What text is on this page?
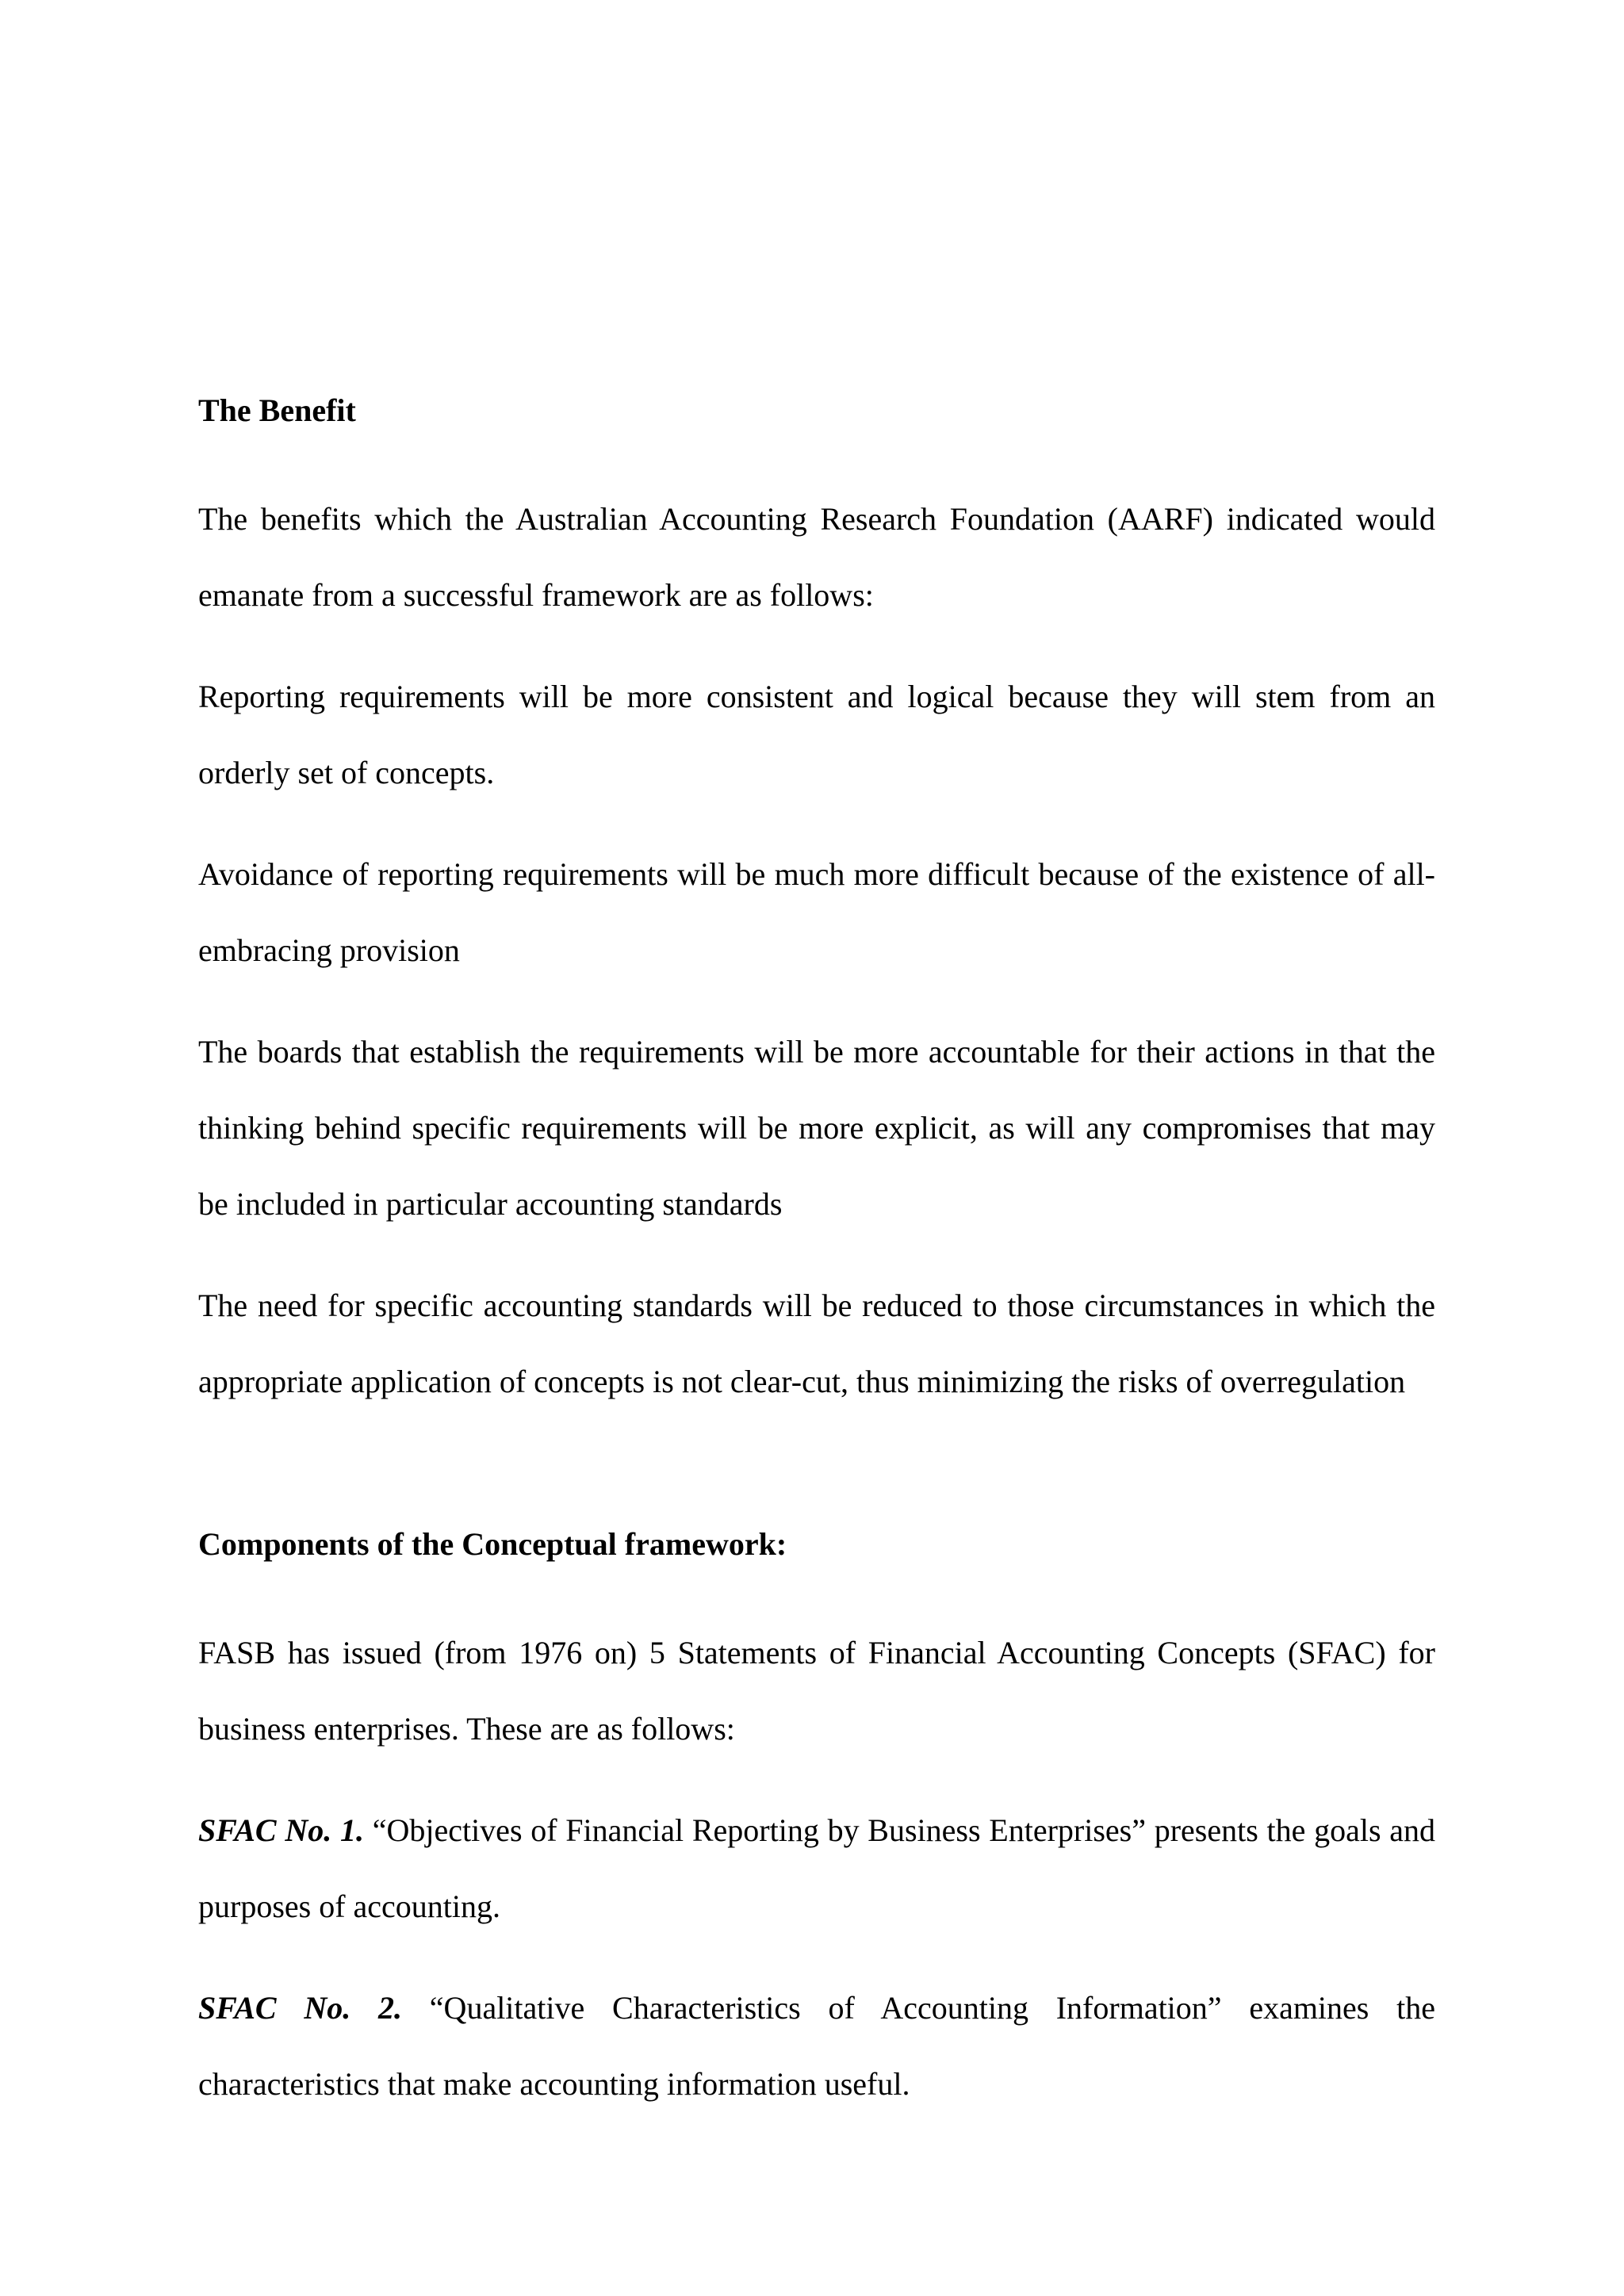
The Benefit

The benefits which the Australian Accounting Research Foundation (AARF) indicated would emanate from a successful framework are as follows:

Reporting requirements will be more consistent and logical because they will stem from an orderly set of concepts.

Avoidance of reporting requirements will be much more difficult because of the existence of all-embracing provision

The boards that establish the requirements will be more accountable for their actions in that the thinking behind specific requirements will be more explicit, as will any compromises that may be included in particular accounting standards

The need for specific accounting standards will be reduced to those circumstances in which the appropriate application of concepts is not clear-cut, thus minimizing the risks of overregulation

Components of the Conceptual framework:

FASB has issued (from 1976 on) 5 Statements of Financial Accounting Concepts (SFAC) for business enterprises. These are as follows:

SFAC No. 1. “Objectives of Financial Reporting by Business Enterprises” presents the goals and purposes of accounting.

SFAC No. 2. “Qualitative Characteristics of Accounting Information” examines the characteristics that make accounting information useful.
